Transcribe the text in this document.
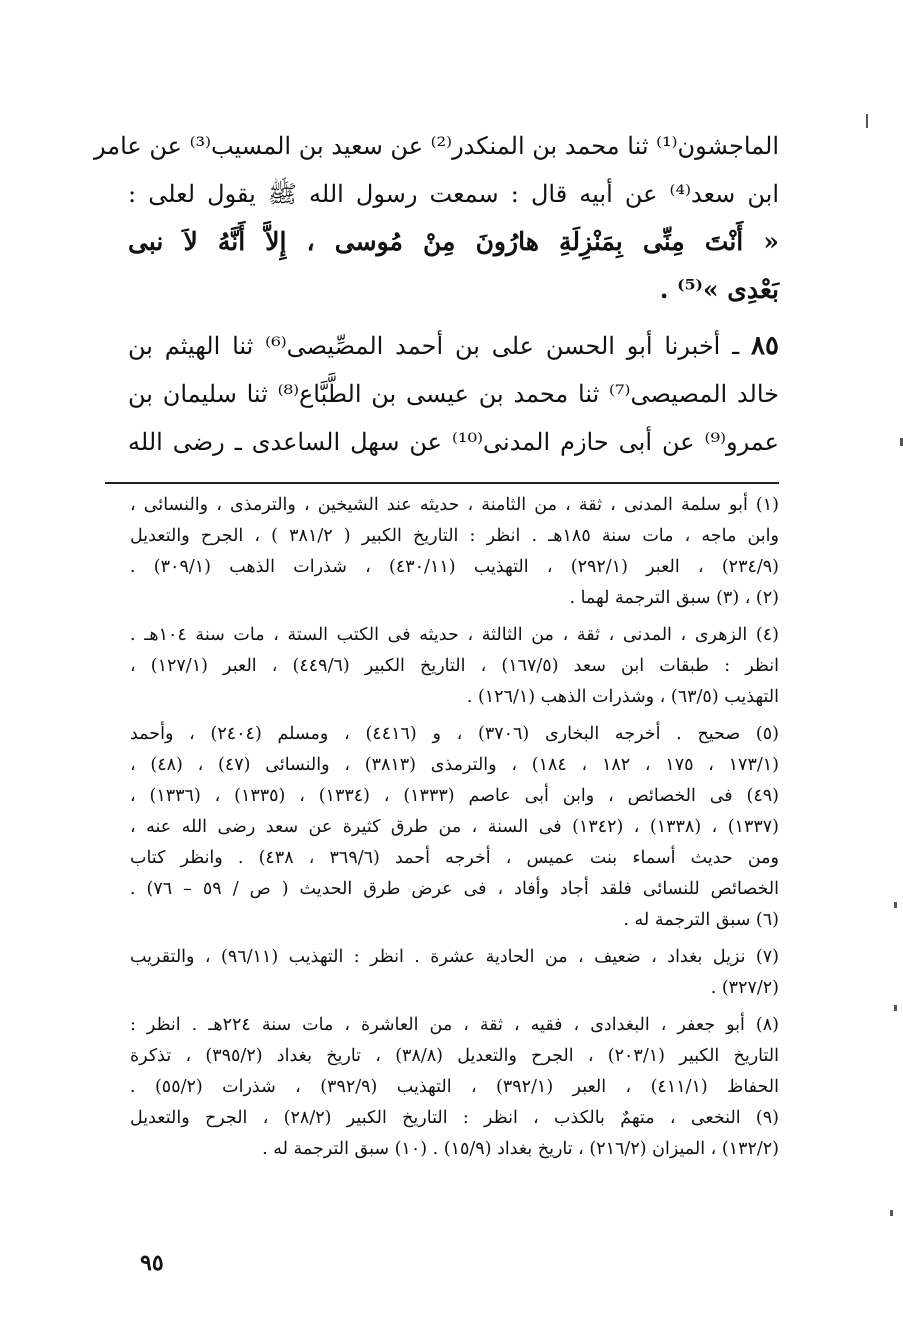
الماجشون⁽¹⁾ ثنا محمد بن المنكدر⁽²⁾ عن سعيد بن المسيب⁽³⁾ عن عامر
ابن سعد⁽⁴⁾ عن أبيه قال : سمعت رسول الله ﷺ يقول لعلى :
« أَنْتَ مِنِّى بِمَنْزِلَةِ هارُونَ مِنْ مُوسى ، إِلاَّ أَنَّهُ لاَ نبى
بَعْدِى »⁽⁵⁾ .
٨٥ ـ أخبرنا أبو الحسن على بن أحمد المصِّيصى⁽⁶⁾ ثنا الهيثم بن
خالد المصيصى⁽⁷⁾ ثنا محمد بن عيسى بن الطَّبَّاع⁽⁸⁾ ثنا سليمان بن
عمرو⁽⁹⁾ عن أبى حازم المدنى⁽¹⁰⁾ عن سهل الساعدى ـ رضى الله
(١) أبو سلمة المدنى ، ثقة ، من الثامنة ، حديثه عند الشيخين ، والترمذى ، والنسائى ،
وابن ماجه ، مات سنة ١٨٥هـ . انظر : التاريخ الكبير ( ٣٨١/٢ ) ، الجرح والتعديل
(٢٣٤/٩) ، العبر (٢٩٢/١) ، التهذيب (٤٣٠/١١) ، شذرات الذهب (٣٠٩/١) .
(٢) ، (٣) سبق الترجمة لهما .
(٤) الزهرى ، المدنى ، ثقة ، من الثالثة ، حديثه فى الكتب الستة ، مات سنة ١٠٤هـ .
انظر : طبقات ابن سعد (١٦٧/٥) ، التاريخ الكبير (٤٤٩/٦) ، العبر (١٢٧/١) ،
التهذيب (٦٣/٥) ، وشذرات الذهب (١٢٦/١) .
(٥) صحيح . أخرجه البخارى (٣٧٠٦) ، و (٤٤١٦) ، ومسلم (٢٤٠٤) ، وأحمد
(١٧٣/١ ، ١٧٥ ، ١٨٢ ، ١٨٤) ، والترمذى (٣٨١٣) ، والنسائى (٤٧) ، (٤٨) ،
(٤٩) فى الخصائص ، وابن أبى عاصم (١٣٣٣) ، (١٣٣٤) ، (١٣٣٥) ، (١٣٣٦) ،
(١٣٣٧) ، (١٣٣٨) ، (١٣٤٢) فى السنة ، من طرق كثيرة عن سعد رضى الله عنه ،
ومن حديث أسماء بنت عميس ، أخرجه أحمد (٣٦٩/٦ ، ٤٣٨) . وانظر كتاب
الخصائص للنسائى فلقد أجاد وأفاد ، فى عرض طرق الحديث ( ص / ٥٩ – ٧٦) .
(٦) سبق الترجمة له .
(٧) نزيل بغداد ، ضعيف ، من الحادية عشرة . انظر : التهذيب (٩٦/١١) ، والتقريب
(٣٢٧/٢) .
(٨) أبو جعفر ، البغدادى ، فقيه ، ثقة ، من العاشرة ، مات سنة ٢٢٤هـ . انظر :
التاريخ الكبير (٢٠٣/١) ، الجرح والتعديل (٣٨/٨) ، تاريخ بغداد (٣٩٥/٢) ، تذكرة
الحفاظ (٤١١/١) ، العبر (٣٩٢/١) ، التهذيب (٣٩٢/٩) ، شذرات (٥٥/٢) .
(٩) النخعى ، متهمٌ بالكذب ، انظر : التاريخ الكبير (٢٨/٢) ، الجرح والتعديل
(١٣٢/٢) ، الميزان (٢١٦/٢) ، تاريخ بغداد (١٥/٩) . (١٠) سبق الترجمة له .
٩٥
